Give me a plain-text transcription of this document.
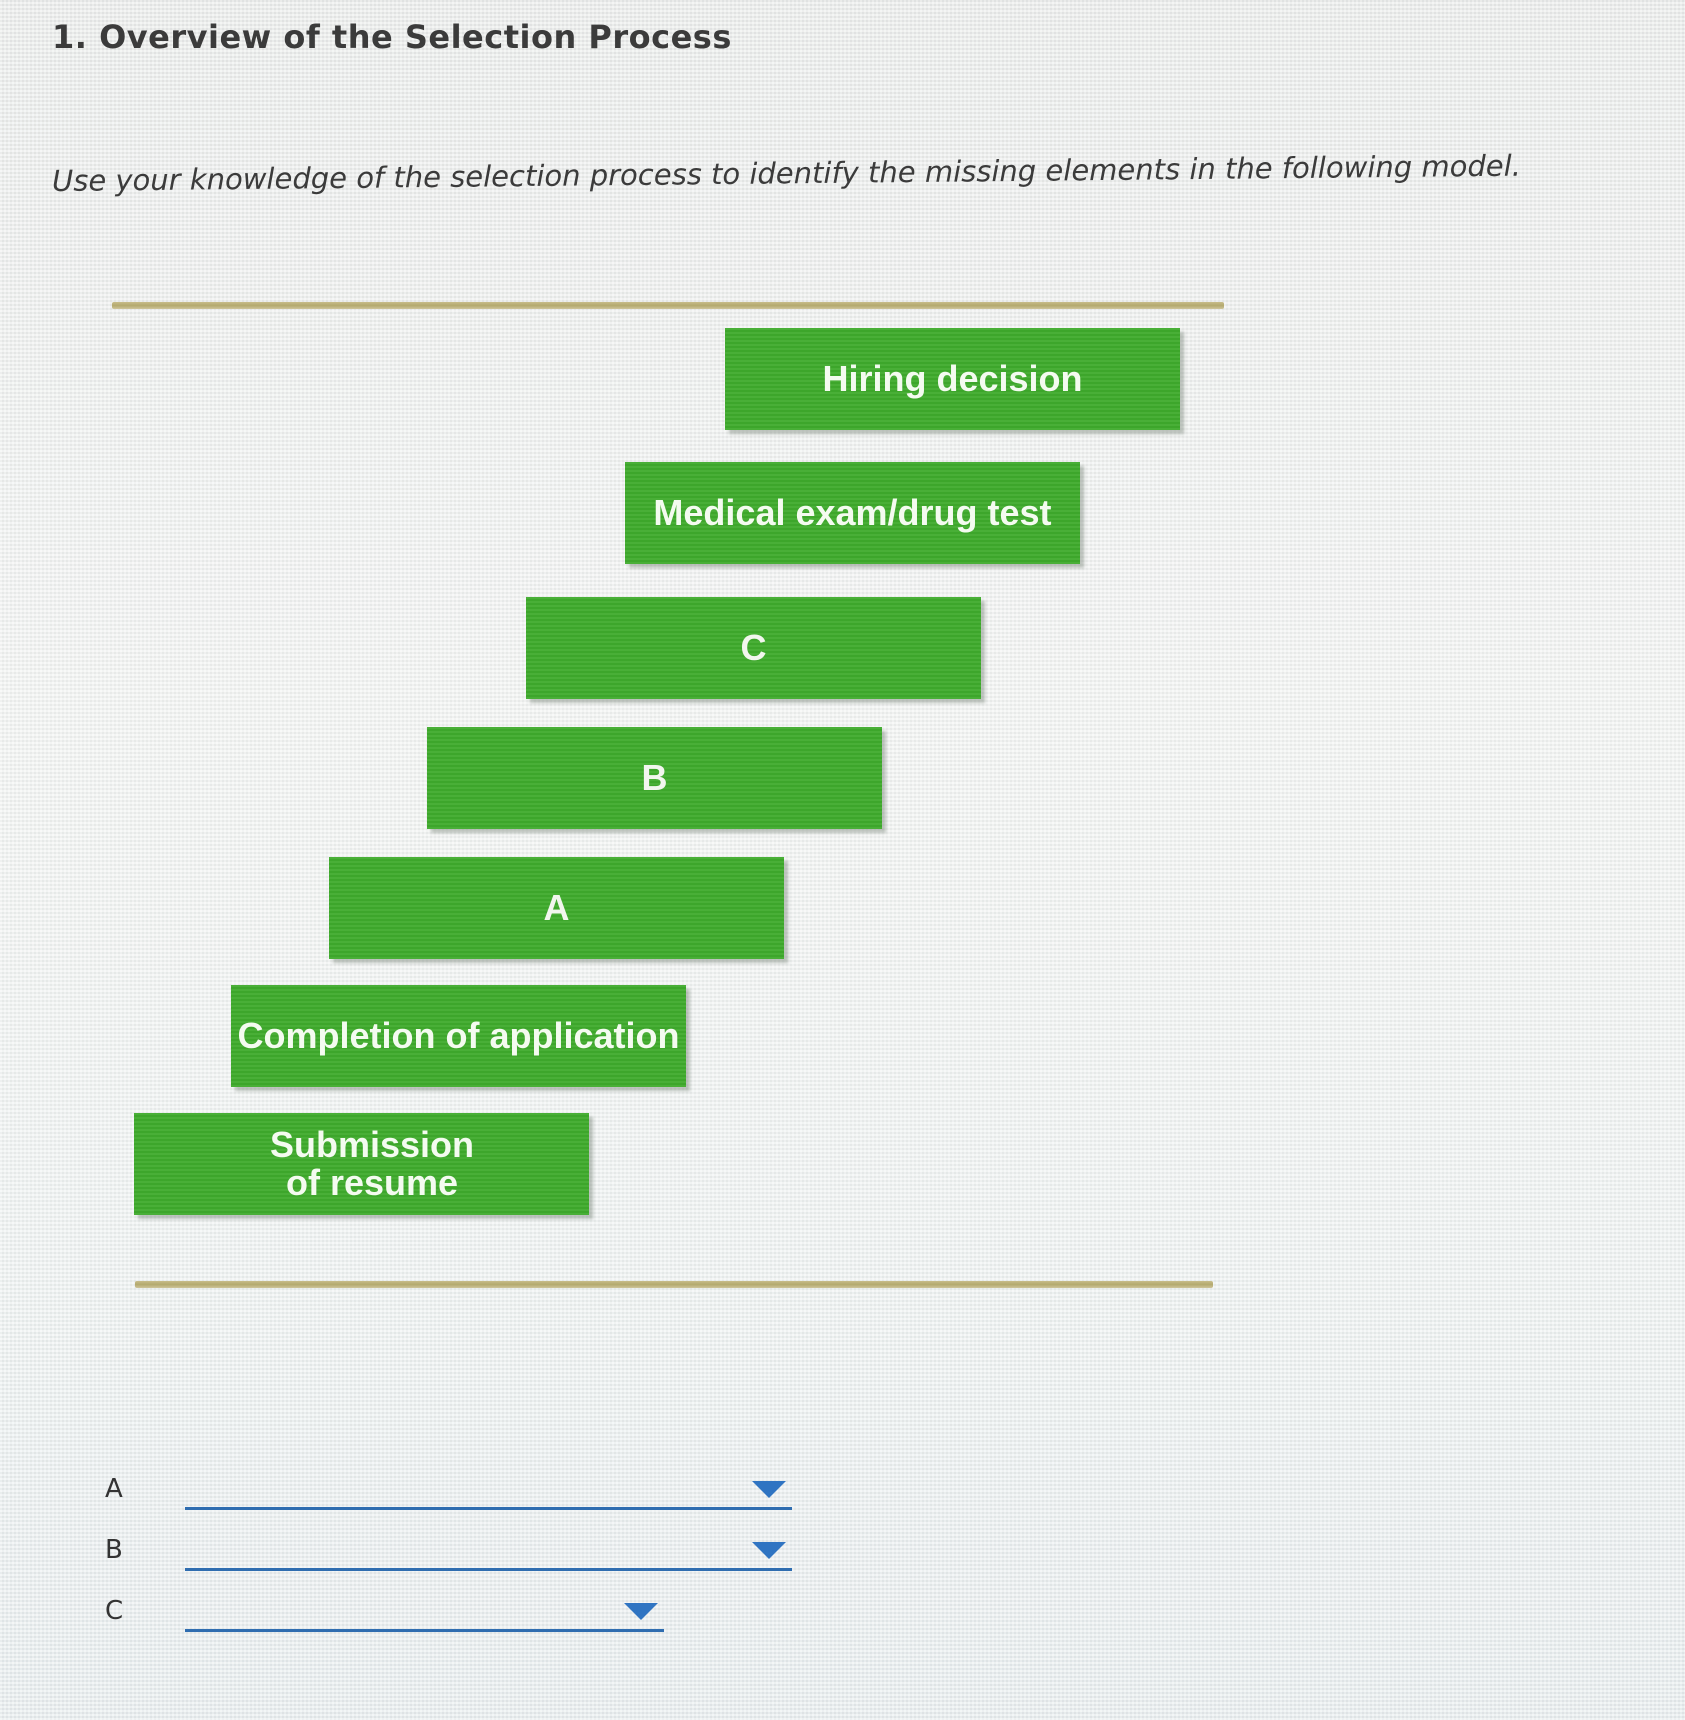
1. Overview of the Selection Process
Use your knowledge of the selection process to identify the missing elements in the following model.
Hiring decision
Medical exam/drug test
C
B
A
Completion of application
Submission
of resume
A
B
C
